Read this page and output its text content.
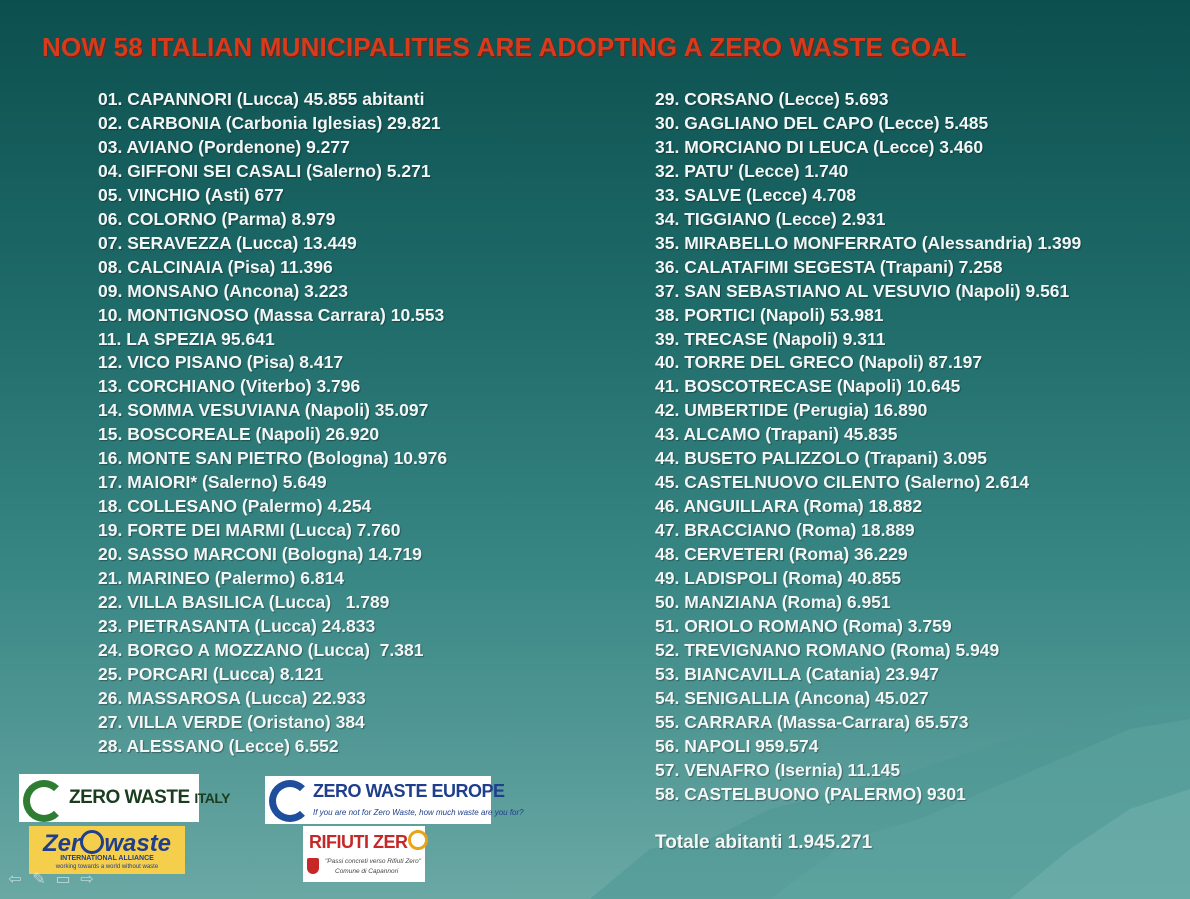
NOW 58 ITALIAN MUNICIPALITIES ARE ADOPTING A ZERO WASTE GOAL
01. CAPANNORI (Lucca) 45.855 abitanti
02. CARBONIA (Carbonia Iglesias) 29.821
03. AVIANO (Pordenone) 9.277
04. GIFFONI SEI CASALI (Salerno) 5.271
05. VINCHIO (Asti) 677
06. COLORNO (Parma) 8.979
07. SERAVEZZA (Lucca) 13.449
08. CALCINAIA (Pisa) 11.396
09. MONSANO (Ancona) 3.223
10. MONTIGNOSO (Massa Carrara) 10.553
11. LA SPEZIA 95.641
12. VICO PISANO (Pisa) 8.417
13. CORCHIANO (Viterbo) 3.796
14. SOMMA VESUVIANA (Napoli) 35.097
15. BOSCOREALE (Napoli) 26.920
16. MONTE SAN PIETRO (Bologna) 10.976
17. MAIORI* (Salerno) 5.649
18. COLLESANO (Palermo) 4.254
19. FORTE DEI MARMI (Lucca) 7.760
20. SASSO MARCONI (Bologna) 14.719
21. MARINEO (Palermo) 6.814
22. VILLA BASILICA (Lucca)   1.789
23. PIETRASANTA (Lucca) 24.833
24. BORGO A MOZZANO (Lucca)  7.381
25. PORCARI (Lucca) 8.121
26. MASSAROSA (Lucca) 22.933
27. VILLA VERDE (Oristano) 384
28. ALESSANO (Lecce) 6.552
29. CORSANO (Lecce) 5.693
30. GAGLIANO DEL CAPO (Lecce) 5.485
31. MORCIANO DI LEUCA (Lecce) 3.460
32. PATU' (Lecce) 1.740
33. SALVE (Lecce) 4.708
34. TIGGIANO (Lecce) 2.931
35. MIRABELLO MONFERRATO (Alessandria) 1.399
36. CALATAFIMI SEGESTA (Trapani) 7.258
37. SAN SEBASTIANO AL VESUVIO (Napoli) 9.561
38. PORTICI (Napoli) 53.981
39. TRECASE (Napoli) 9.311
40. TORRE DEL GRECO (Napoli) 87.197
41. BOSCOTRECASE (Napoli) 10.645
42. UMBERTIDE (Perugia) 16.890
43. ALCAMO (Trapani) 45.835
44. BUSETO PALIZZOLO (Trapani) 3.095
45. CASTELNUOVO CILENTO (Salerno) 2.614
46. ANGUILLARA (Roma) 18.882
47. BRACCIANO (Roma) 18.889
48. CERVETERI (Roma) 36.229
49. LADISPOLI (Roma) 40.855
50. MANZIANA (Roma) 6.951
51. ORIOLO ROMANO (Roma) 3.759
52. TREVIGNANO ROMANO (Roma) 5.949
53. BIANCAVILLA (Catania) 23.947
54. SENIGALLIA (Ancona) 45.027
55. CARRARA (Massa-Carrara) 65.573
56. NAPOLI 959.574
57. VENAFRO (Isernia) 11.145
58. CASTELBUONO (PALERMO) 9301
Totale abitanti 1.945.271
ZERO WASTE ITALY	ZERO WASTE EUROPE
If you are not for Zero Waste, how much waste are you for?
Zer waste
INTERNATIONAL ALLIANCE
working towards a world without waste
RIFIUTI ZER
"Passi concreti verso Rifiuti Zero"
Comune di Capannori
⇦ ✎ ▭ ⇨
